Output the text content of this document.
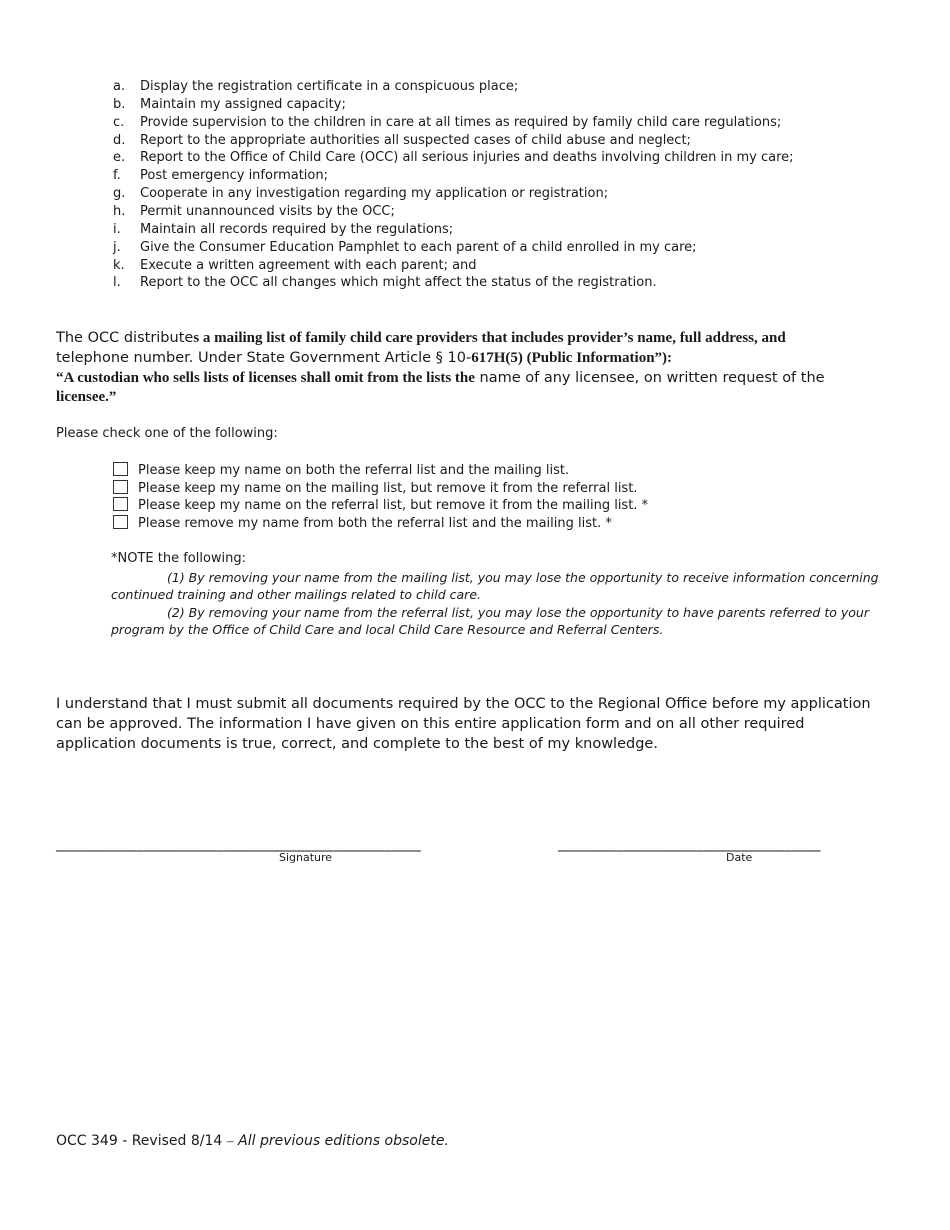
a. Display the registration certificate in a conspicuous place;
b. Maintain my assigned capacity;
c. Provide supervision to the children in care at all times as required by family child care regulations;
d. Report to the appropriate authorities all suspected cases of child abuse and neglect;
e. Report to the Office of Child Care (OCC) all serious injuries and deaths involving children in my care;
f. Post emergency information;
g. Cooperate in any investigation regarding my application or registration;
h. Permit unannounced visits by the OCC;
i. Maintain all records required by the regulations;
j. Give the Consumer Education Pamphlet to each parent of a child enrolled in my care;
k. Execute a written agreement with each parent; and
l. Report to the OCC all changes which might affect the status of the registration.
The OCC distributes a mailing list of family child care providers that includes provider’s name, full address, and
telephone number. Under State Government Article § 10-617H(5) (Public Information”):
“A custodian who sells lists of licenses shall omit from the lists the name of any licensee, on written request of the
licensee.”
Please check one of the following:
Please keep my name on both the referral list and the mailing list.
Please keep my name on the mailing list, but remove it from the referral list.
Please keep my name on the referral list, but remove it from the mailing list. *
Please remove my name from both the referral list and the mailing list. *
*NOTE the following:
(1) By removing your name from the mailing list, you may lose the opportunity to receive information concerning
continued training and other mailings related to child care.
(2) By removing your name from the referral list, you may lose the opportunity to have parents referred to your
program by the Office of Child Care and local Child Care Resource and Referral Centers.
I understand that I must submit all documents required by the OCC to the Regional Office before my application
can be approved. The information I have given on this entire application form and on all other required
application documents is true, correct, and complete to the best of my knowledge.
__________________________________________________	____________________________________
Signature	Date
OCC 349 - Revised 8/14 – All previous editions obsolete.
